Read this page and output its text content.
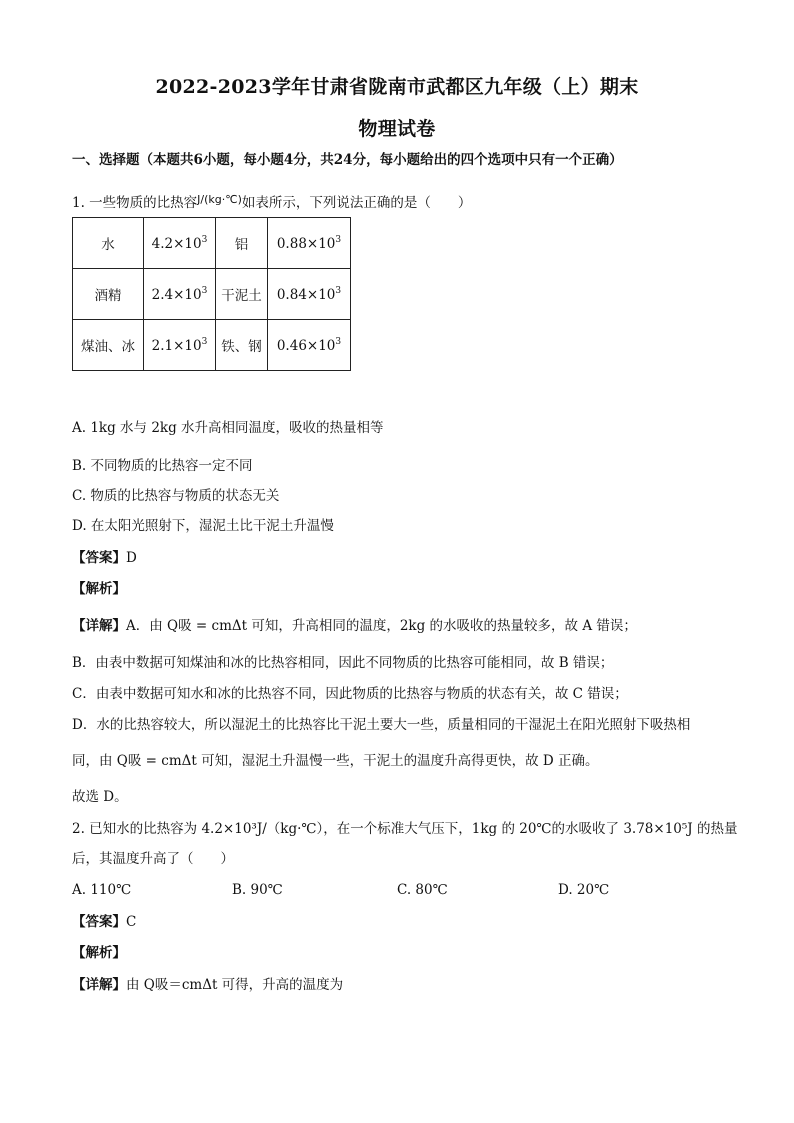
2022-2023学年甘肃省陇南市武都区九年级（上）期末
物理试卷
一、选择题（本题共6小题，每小题4分，共24分，每小题给出的四个选项中只有一个正确）
1. 一些物质的比热容$^{J/(kg\cdot℃)}$如表所示，下列说法正确的是（　　）
水	$4.2\times 10^3$	铝	$0.88\times 10^3$
酒精	$2.4\times 10^3$	干泥土	$0.84\times 10^3$
煤油、冰	$2.1\times 10^3$	铁、钢	$0.46\times 10^3$
A. 1kg 水与 2kg 水升高相同温度，吸收的热量相等
B. 不同物质的比热容一定不同
C. 物质的比热容与物质的状态无关
D. 在太阳光照射下，湿泥土比干泥土升温慢
【答案】D
【解析】
【详解】A．由 Q吸 = cmΔt 可知，升高相同的温度，2kg 的水吸收的热量较多，故 A 错误；
B．由表中数据可知煤油和冰的比热容相同，因此不同物质的比热容可能相同，故 B 错误；
C．由表中数据可知水和冰的比热容不同，因此物质的比热容与物质的状态有关，故 C 错误；
D．水的比热容较大，所以湿泥土的比热容比干泥土要大一些，质量相同的干湿泥土在阳光照射下吸热相
同，由 Q吸 = cmΔt 可知，湿泥土升温慢一些，干泥土的温度升高得更快，故 D 正确。
故选 D。
2. 已知水的比热容为 4.2×10³J/（kg·℃），在一个标准大气压下，1kg 的 20℃的水吸收了 3.78×10⁵J 的热量
后，其温度升高了（　　）
A. 110℃	B. 90℃	C. 80℃	D. 20℃
【答案】C
【解析】
【详解】由 Q吸＝cmΔt 可得，升高的温度为
